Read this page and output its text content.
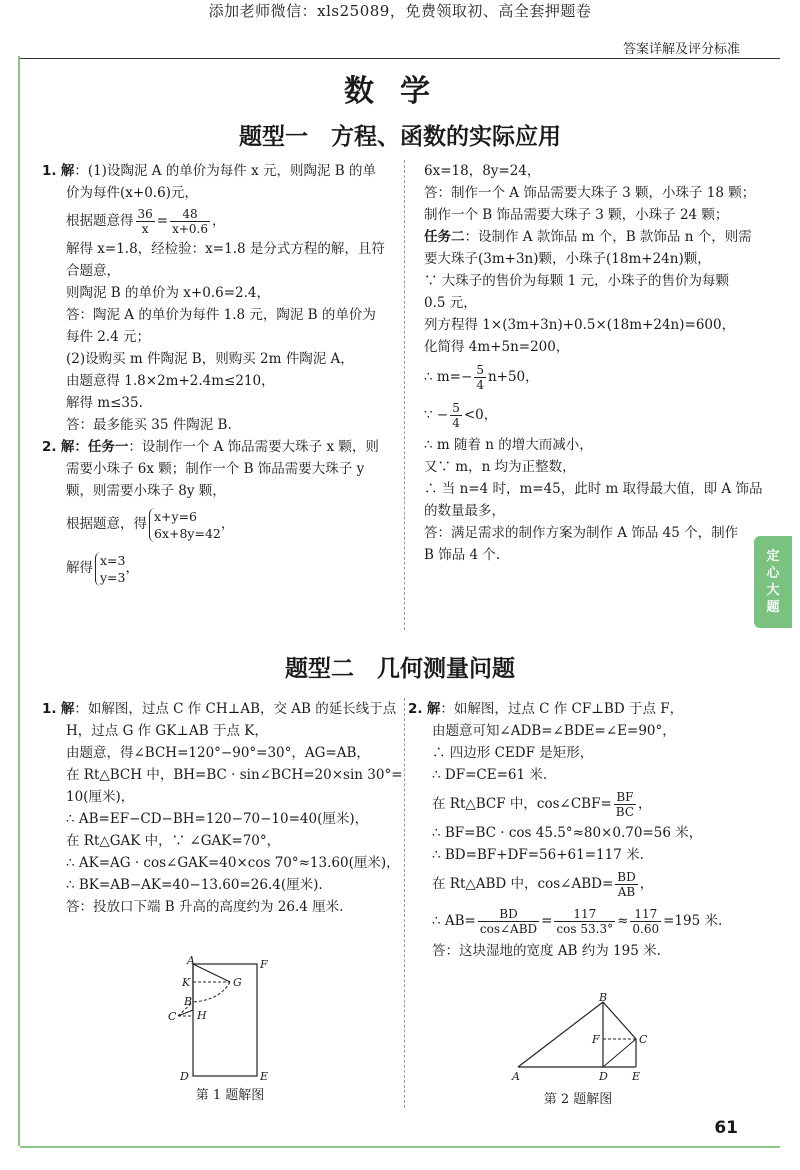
添加老师微信：xls25089，免费领取初、高全套押题卷
答案详解及评分标准
数学
题型一　方程、函数的实际应用
1. 解：(1)设陶泥 A 的单价为每件 x 元，则陶泥 B 的单
价为每件(x+0.6)元，
根据题意得 $\frac{36}{x} = \frac{48}{x+0.6}$ ，
解得 x=1.8，经检验：x=1.8 是分式方程的解，且符
合题意，
则陶泥 B 的单价为 x+0.6=2.4，
答：陶泥 A 的单价为每件 1.8 元，陶泥 B 的单价为
每件 2.4 元；
(2)设购买 m 件陶泥 B，则购买 2m 件陶泥 A，
由题意得 1.8×2m+2.4m≤210，
解得 m≤35.
答：最多能买 35 件陶泥 B.
2. 解：任务一：设制作一个 A 饰品需要大珠子 x 颗，则
需要小珠子 6x 颗；制作一个 B 饰品需要大珠子 y
颗，则需要小珠子 8y 颗，
根据题意，得 x+y=6
6x+8y=42
，
解得 x=3
y=3
，
6x=18，8y=24，
答：制作一个 A 饰品需要大珠子 3 颗，小珠子 18 颗；
制作一个 B 饰品需要大珠子 3 颗，小珠子 24 颗；
任务二：设制作 A 款饰品 m 个，B 款饰品 n 个，则需
要大珠子(3m+3n)颗，小珠子(18m+24n)颗，
∵ 大珠子的售价为每颗 1 元，小珠子的售价为每颗
0.5 元，
列方程得 1×(3m+3n)+0.5×(18m+24n)=600，
化简得 4m+5n=200，
∴ $m=- \frac{5}{4} n+50$，
∵ − $\frac{5}{4} <0$，
∴ m 随着 n 的增大而减小，
又∵ m，n 均为正整数，
∴ 当 n=4 时，m=45，此时 m 取得最大值，即 A 饰品
的数量最多，
答：满足需求的制作方案为制作 A 饰品 45 个，制作
B 饰品 4 个.	定
心
大
题
题型二　几何测量问题
1. 解：如解图，过点 C 作 CH⊥AB，交 AB 的延长线于点
H，过点 G 作 GK⊥AB 于点 K，
由题意，得∠BCH=120°−90°=30°，AG=AB，
在 Rt△BCH 中，BH=BC · sin∠BCH=20×sin 30°=
10(厘米)，
∴ AB=EF−CD−BH=120−70−10=40(厘米)，
在 Rt△GAK 中，∵ ∠GAK=70°，
∴ AK=AG · cos∠GAK=40×cos 70°≈13.60(厘米)，
∴ BK=AB−AK=40−13.60=26.4(厘米).
答：投放口下端 B 升高的高度约为 26.4 厘米.
A	F
K	G
B
C H
D	E
第 1 题解图
2. 解：如解图，过点 C 作 CF⊥BD 于点 F，
由题意可知∠ADB=∠BDE=∠E=90°，
∴ 四边形 CEDF 是矩形，
∴ DF=CE=61 米.
在 Rt△BCF 中，cos∠CBF= $\frac{BF}{BC}$ ，
∴ BF=BC · cos 45.5°≈80×0.70=56 米，
∴ BD=BF+DF=56+61=117 米.
在 Rt△ABD 中，cos∠ABD= $\frac{BD}{AB}$ ，
∴ $AB= \frac{BD}{\text{cos∠ABD}} = \frac{117}{\cos 53.3^\circ} \approx \frac{117}{0.60} =195$ 米.
答：这块湿地的宽度 AB 约为 195 米.
B
F	C
A	D E
第 2 题解图
61
